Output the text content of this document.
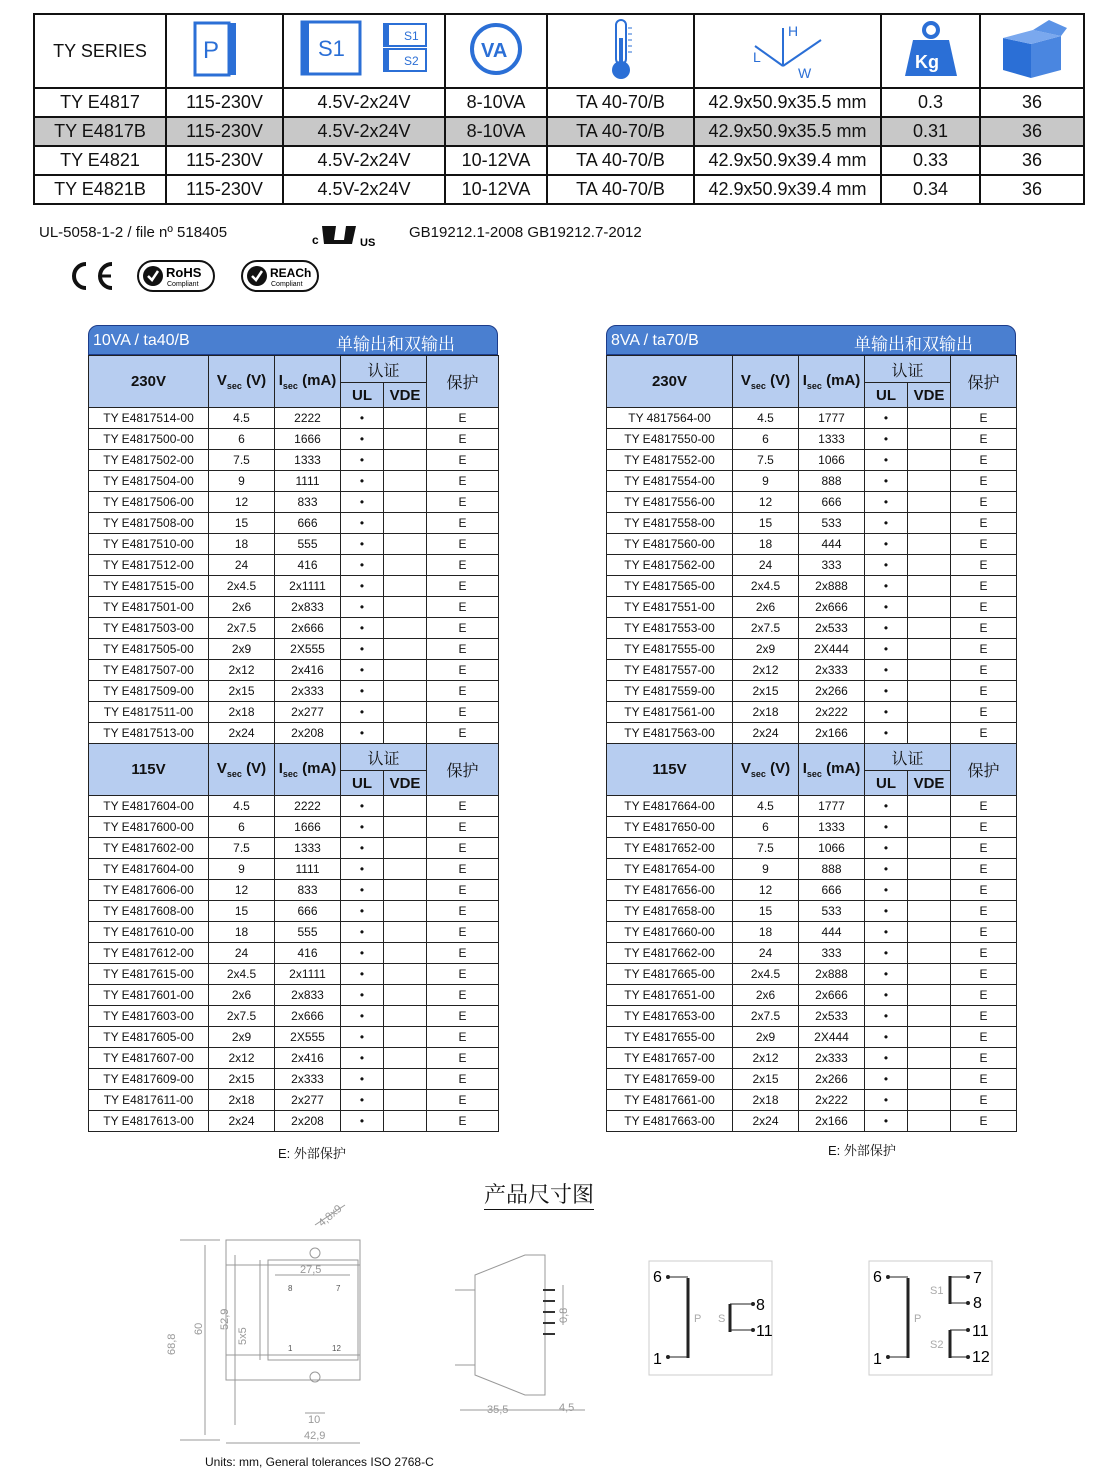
TY SERIES	P	S1 S1
S2	VA		H
L
W	Kg

TY E4817	115-230V	4.5V-2x24V	8-10VA	TA 40-70/B	42.9x50.9x35.5 mm	0.3	36
TY E4817B	115-230V	4.5V-2x24V	8-10VA	TA 40-70/B	42.9x50.9x35.5 mm	0.31	36
TY E4821	115-230V	4.5V-2x24V	10-12VA	TA 40-70/B	42.9x50.9x39.4 mm	0.33	36
TY E4821B	115-230V	4.5V-2x24V	10-12VA	TA 40-70/B	42.9x50.9x39.4 mm	0.34	36
UL-5058-1-2 / file nº 518405	c	US
GB19212.1-2008 GB19212.7-2012
RoHS
Compliant
REACh
Compliant
10VA / ta40/B	单输出和双输出
230V	$V_{sec}$ (V)	$I_{sec}$ (mA)	认证		保护
			UL	VDE	
TY E4817514-00	4.5	2222	•		E
TY E4817500-00	6	1666	•		E
TY E4817502-00	7.5	1333	•		E
TY E4817504-00	9	1111	•		E
TY E4817506-00	12	833	•		E
TY E4817508-00	15	666	•		E
TY E4817510-00	18	555	•		E
TY E4817512-00	24	416	•		E
TY E4817515-00	2x4.5	2x1111	•		E
TY E4817501-00	2x6	2x833	•		E
TY E4817503-00	2x7.5	2x666	•		E
TY E4817505-00	2x9	2X555	•		E
TY E4817507-00	2x12	2x416	•		E
TY E4817509-00	2x15	2x333	•		E
TY E4817511-00	2x18	2x277	•		E
TY E4817513-00	2x24	2x208	•		E
115V	$V_{sec}$ (V)	$I_{sec}$ (mA)	认证		保护
			UL	VDE	
TY E4817604-00	4.5	2222	•		E
TY E4817600-00	6	1666	•		E
TY E4817602-00	7.5	1333	•		E
TY E4817604-00	9	1111	•		E
TY E4817606-00	12	833	•		E
TY E4817608-00	15	666	•		E
TY E4817610-00	18	555	•		E
TY E4817612-00	24	416	•		E
TY E4817615-00	2x4.5	2x1111	•		E
TY E4817601-00	2x6	2x833	•		E
TY E4817603-00	2x7.5	2x666	•		E
TY E4817605-00	2x9	2X555	•		E
TY E4817607-00	2x12	2x416	•		E
TY E4817609-00	2x15	2x333	•		E
TY E4817611-00	2x18	2x277	•		E
TY E4817613-00	2x24	2x208	•		E
E: 外部保护
8VA / ta70/B	单输出和双输出
230V	$V_{sec}$ (V)	$I_{sec}$ (mA)	认证		保护
			UL	VDE	
TY 4817564-00	4.5	1777	•		E
TY E4817550-00	6	1333	•		E
TY E4817552-00	7.5	1066	•		E
TY E4817554-00	9	888	•		E
TY E4817556-00	12	666	•		E
TY E4817558-00	15	533	•		E
TY E4817560-00	18	444	•		E
TY E4817562-00	24	333	•		E
TY E4817565-00	2x4.5	2x888	•		E
TY E4817551-00	2x6	2x666	•		E
TY E4817553-00	2x7.5	2x533	•		E
TY E4817555-00	2x9	2X444	•		E
TY E4817557-00	2x12	2x333	•		E
TY E4817559-00	2x15	2x266	•		E
TY E4817561-00	2x18	2x222	•		E
TY E4817563-00	2x24	2x166	•		E
115V	$V_{sec}$ (V)	$I_{sec}$ (mA)	认证		保护
			UL	VDE	
TY E4817664-00	4.5	1777	•		E
TY E4817650-00	6	1333	•		E
TY E4817652-00	7.5	1066	•		E
TY E4817654-00	9	888	•		E
TY E4817656-00	12	666	•		E
TY E4817658-00	15	533	•		E
TY E4817660-00	18	444	•		E
TY E4817662-00	24	333	•		E
TY E4817665-00	2x4.5	2x888	•		E
TY E4817651-00	2x6	2x666	•		E
TY E4817653-00	2x7.5	2x533	•		E
TY E4817655-00	2x9	2X444	•		E
TY E4817657-00	2x12	2x333	•		E
TY E4817659-00	2x15	2x266	•		E
TY E4817661-00	2x18	2x222	•		E
TY E4817663-00	2x24	2x166	•		E
E: 外部保护
产品尺寸图
68,8
60 52,9
5x5
27,5
4,8x9
10
42,9
8	7
1	12
0,8
35,5	4,5
6
1
8
11
P S
6
1
7
8
11
12
P
S1
S2
Units: mm, General tolerances ISO 2768-C
